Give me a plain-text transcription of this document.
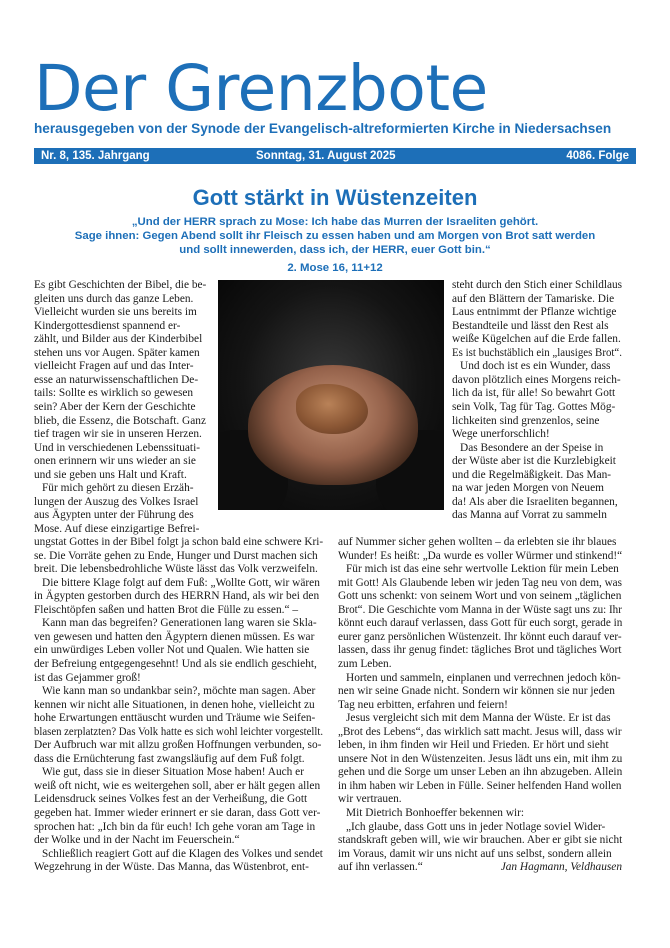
Der Grenzbote
herausgegeben von der Synode der Evangelisch-altreformierten Kirche in Niedersachsen
Nr. 8, 135. Jahrgang	Sonntag, 31. August 2025	4086. Folge
Gott stärkt in Wüstenzeiten
„Und der HERR sprach zu Mose: Ich habe das Murren der Israeliten gehört.
Sage ihnen: Gegen Abend sollt ihr Fleisch zu essen haben und am Morgen von Brot satt werden
und sollt innewerden, dass ich, der HERR, euer Gott bin.“
2. Mose 16, 11+12
Es gibt Geschichten der Bibel, die be-
gleiten uns durch das ganze Leben.
Vielleicht wurden sie uns bereits im
Kindergottesdienst spannend er-
zählt, und Bilder aus der Kinderbibel
stehen uns vor Augen. Später kamen
vielleicht Fragen auf und das Inter-
esse an naturwissenschaftlichen De-
tails: Sollte es wirklich so gewesen
sein? Aber der Kern der Geschichte
blieb, die Essenz, die Botschaft. Ganz
tief tragen wir sie in unseren Herzen.
Und in verschiedenen Lebenssituati-
onen erinnern wir uns wieder an sie
und sie geben uns Halt und Kraft.
Für mich gehört zu diesen Erzäh-
lungen der Auszug des Volkes Israel
aus Ägypten unter der Führung des
Mose. Auf diese einzigartige Befrei-
steht durch den Stich einer Schildlaus
auf den Blättern der Tamariske. Die
Laus entnimmt der Pflanze wichtige
Bestandteile und lässt den Rest als
weiße Kügelchen auf die Erde fallen.
Es ist buchstäblich ein „lausiges Brot“.
Und doch ist es ein Wunder, dass
davon plötzlich eines Morgens reich-
lich da ist, für alle! So bewahrt Gott
sein Volk, Tag für Tag. Gottes Mög-
lichkeiten sind grenzenlos, seine
Wege unerforschlich!
Das Besondere an der Speise in
der Wüste aber ist die Kurzlebigkeit
und die Regelmäßigkeit. Das Man-
na war jeden Morgen von Neuem
da! Als aber die Israeliten begannen,
das Manna auf Vorrat zu sammeln
ungstat Gottes in der Bibel folgt ja schon bald eine schwere Kri-
se. Die Vorräte gehen zu Ende, Hunger und Durst machen sich
breit. Die lebensbedrohliche Wüste lässt das Volk verzweifeln.
Die bittere Klage folgt auf dem Fuß: „Wollte Gott, wir wären
in Ägypten gestorben durch des HERRN Hand, als wir bei den
Fleischtöpfen saßen und hatten Brot die Fülle zu essen.“ –
Kann man das begreifen? Generationen lang waren sie Skla-
ven gewesen und hatten den Ägyptern dienen müssen. Es war
ein unwürdiges Leben voller Not und Qualen. Wie hatten sie
der Befreiung entgegengesehnt! Und als sie endlich geschieht,
ist das Gejammer groß!
Wie kann man so undankbar sein?, möchte man sagen. Aber
kennen wir nicht alle Situationen, in denen hohe, vielleicht zu
hohe Erwartungen enttäuscht wurden und Träume wie Seifen-
blasen zerplatzten? Das Volk hatte es sich wohl leichter vorgestellt.
Der Aufbruch war mit allzu großen Hoffnungen verbunden, so-
dass die Ernüchterung fast zwangsläufig auf dem Fuß folgt.
Wie gut, dass sie in dieser Situation Mose haben! Auch er
weiß oft nicht, wie es weitergehen soll, aber er hält gegen allen
Leidensdruck seines Volkes fest an der Verheißung, die Gott
gegeben hat. Immer wieder erinnert er sie daran, dass Gott ver-
sprochen hat: „Ich bin da für euch! Ich gehe voran am Tage in
der Wolke und in der Nacht im Feuerschein.“
Schließlich reagiert Gott auf die Klagen des Volkes und sendet
Wegzehrung in der Wüste. Das Manna, das Wüstenbrot, ent-
auf Nummer sicher gehen wollten – da erlebten sie ihr blaues
Wunder! Es heißt: „Da wurde es voller Würmer und stinkend!“
Für mich ist das eine sehr wertvolle Lektion für mein Leben
mit Gott! Als Glaubende leben wir jeden Tag neu von dem, was
Gott uns schenkt: von seinem Wort und von seinem „täglichen
Brot“. Die Geschichte vom Manna in der Wüste sagt uns zu: Ihr
könnt euch darauf verlassen, dass Gott für euch sorgt, gerade in
eurer ganz persönlichen Wüstenzeit. Ihr könnt euch darauf ver-
lassen, dass ihr genug findet: tägliches Brot und tägliches Wort
zum Leben.
Horten und sammeln, einplanen und verrechnen jedoch kön-
nen wir seine Gnade nicht. Sondern wir können sie nur jeden
Tag neu erbitten, erfahren und feiern!
Jesus vergleicht sich mit dem Manna der Wüste. Er ist das
„Brot des Lebens“, das wirklich satt macht. Jesus will, dass wir
leben, in ihm finden wir Heil und Frieden. Er hört und sieht
unsere Not in den Wüstenzeiten. Jesus lädt uns ein, mit ihm zu
gehen und die Sorge um unser Leben an ihn abzugeben. Allein
in ihm haben wir Leben in Fülle. Seiner helfenden Hand wollen
wir vertrauen.
Mit Dietrich Bonhoeffer bekennen wir:
„Ich glaube, dass Gott uns in jeder Notlage soviel Wider-
standskraft geben will, wie wir brauchen. Aber er gibt sie nicht
im Voraus, damit wir uns nicht auf uns selbst, sondern allein
auf ihn verlassen.“	Jan Hagmann, Veldhausen
